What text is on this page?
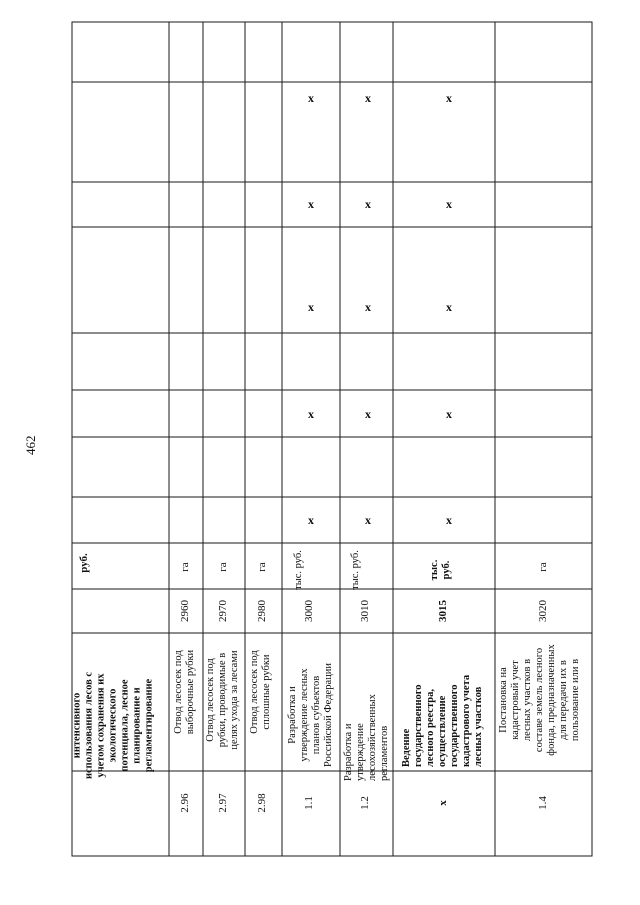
462
руб.
интенсивного использования лесов с учетом сохранения их экологического потенциала, лесное планирование и регламентирование
2.96
Отвод лесосек под выборочные рубки
2960
га
2.97
Отвод лесосек под рубки, проводимые в целях ухода за лесами
2970
га
2.98
Отвод лесосек под сплошные рубки
2980
га
1.1
Разработка и утверждение лесных планов субъектов Российской Федерации
3000
тыс. руб.
1.2
Разработка и утверждение лесохозяйственных регламентов
3010
тыс. руб.
х
Ведение государственного лесного реестра, осуществление государственного кадастрового учета лесных участков
3015
тыс. руб.
1.4
Постановка на кадастровый учет лесных участков в составе земель лесного фонда, предназначенных для передачи их в пользование или в
3020
га
х
х
х
х
х
х
х
х
х
х
х
х
х
х
х
